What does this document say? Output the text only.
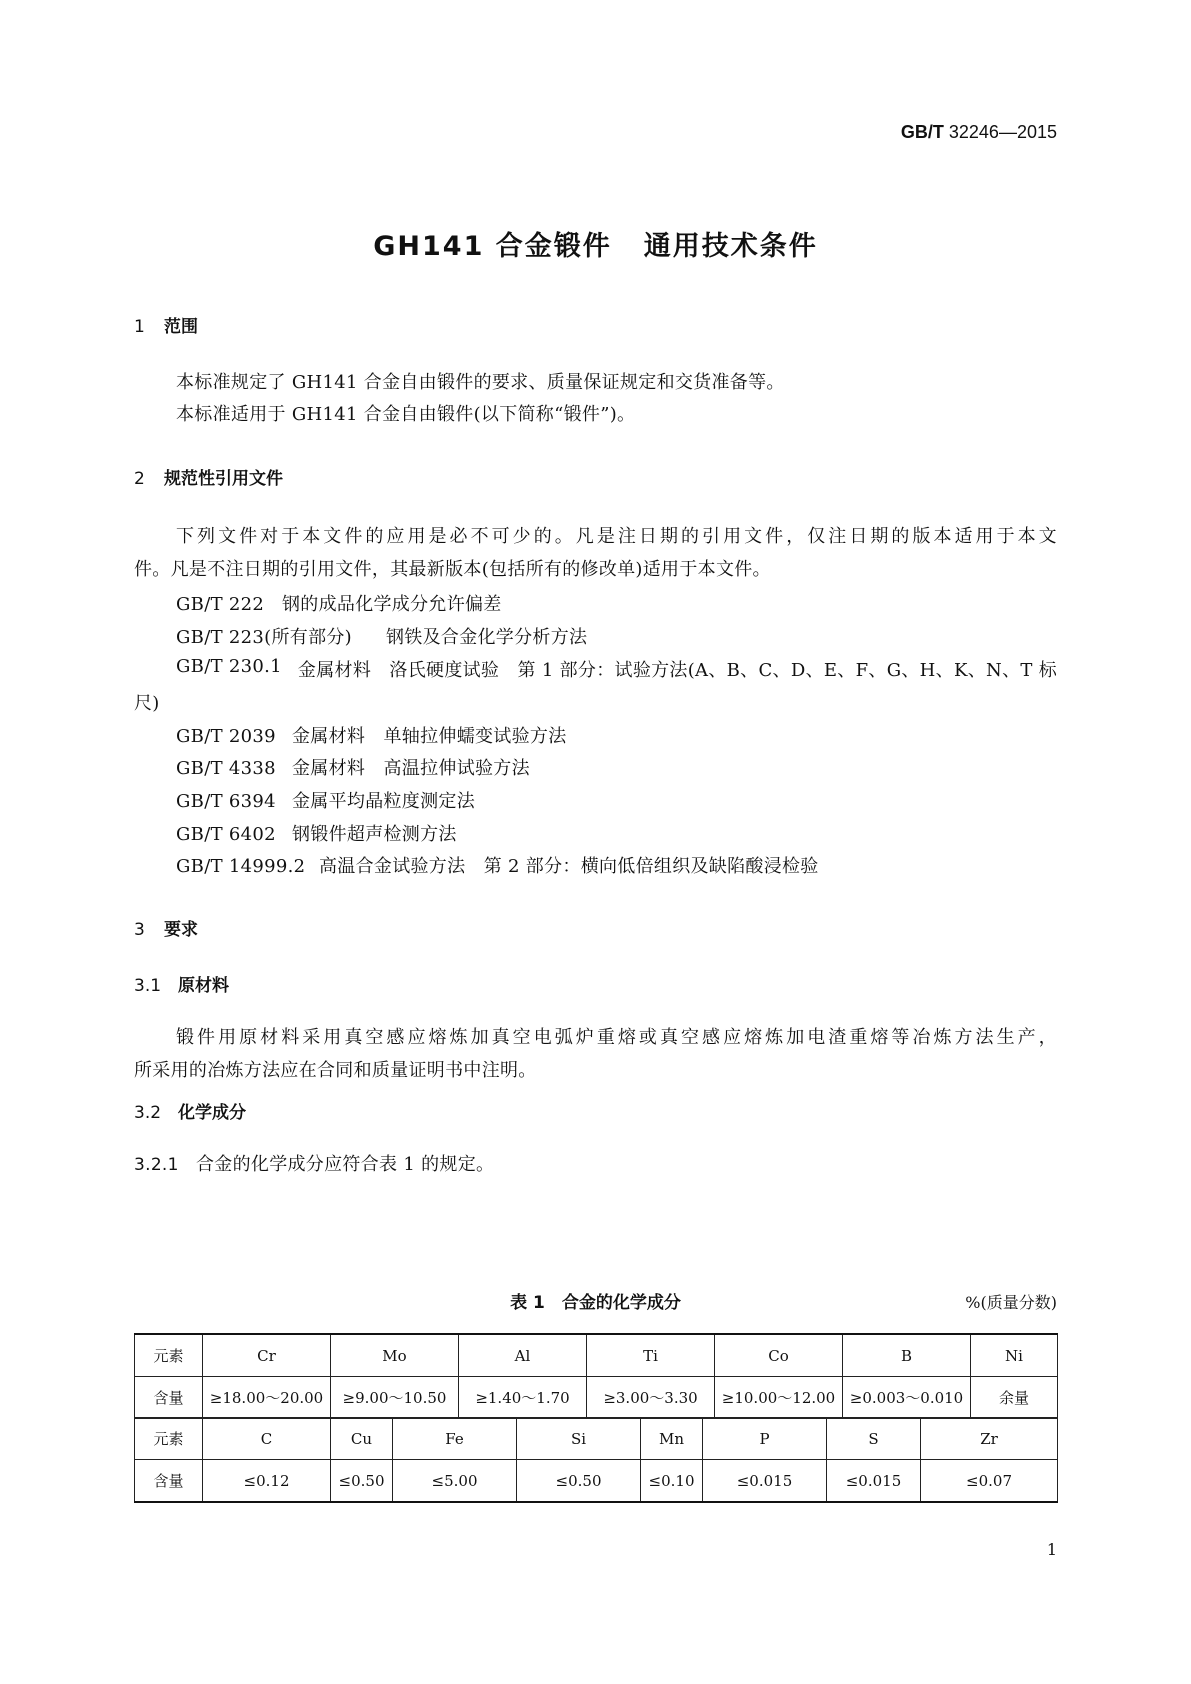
GB/T 32246—2015
GH141 合金锻件 通用技术条件
1 范围
本标准规定了 GH141 合金自由锻件的要求、质量保证规定和交货准备等。
本标准适用于 GH141 合金自由锻件(以下简称“锻件”)。
2 规范性引用文件
下列文件对于本文件的应用是必不可少的。凡是注日期的引用文件，仅注日期的版本适用于本文
件。凡是不注日期的引用文件，其最新版本(包括所有的修改单)适用于本文件。
GB/T 222 钢的成品化学成分允许偏差
GB/T 223(所有部分) 钢铁及合金化学分析方法
GB/T 230.1 金属材料　洛氏硬度试验　第 1 部分：试验方法(A、B、C、D、E、F、G、H、K、N、T 标
尺)
GB/T 2039 金属材料　单轴拉伸蠕变试验方法
GB/T 4338 金属材料　高温拉伸试验方法
GB/T 6394 金属平均晶粒度测定法
GB/T 6402 钢锻件超声检测方法
GB/T 14999.2 高温合金试验方法　第 2 部分：横向低倍组织及缺陷酸浸检验
3 要求
3.1 原材料
锻件用原材料采用真空感应熔炼加真空电弧炉重熔或真空感应熔炼加电渣重熔等冶炼方法生产，
所采用的冶炼方法应在合同和质量证明书中注明。
3.2 化学成分
3.2.1 合金的化学成分应符合表 1 的规定。
表 1　合金的化学成分	%(质量分数)
元素	Cr	Mo	Al	Ti	Co	B	Ni
含量	≥18.00～20.00	≥9.00～10.50	≥1.40～1.70	≥3.00～3.30	≥10.00～12.00	≥0.003～0.010	余量
元素	C	Cu	Fe	Si	Mn	P	S	Zr
含量	≤0.12	≤0.50	≤5.00	≤0.50	≤0.10	≤0.015	≤0.015	≤0.07
1
